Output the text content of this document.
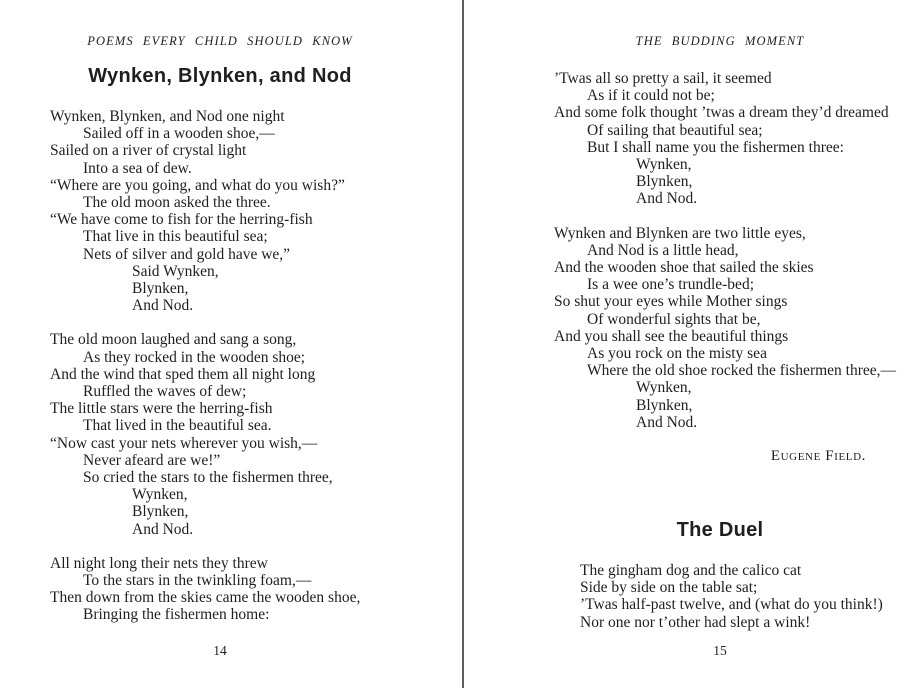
POEMS EVERY CHILD SHOULD KNOW
Wynken, Blynken, and Nod
Wynken, Blynken, and Nod one night
Sailed off in a wooden shoe,—
Sailed on a river of crystal light
Into a sea of dew.
“Where are you going, and what do you wish?”
The old moon asked the three.
“We have come to fish for the herring-fish
That live in this beautiful sea;
Nets of silver and gold have we,”
Said Wynken,
Blynken,
And Nod.
The old moon laughed and sang a song,
As they rocked in the wooden shoe;
And the wind that sped them all night long
Ruffled the waves of dew;
The little stars were the herring-fish
That lived in the beautiful sea.
“Now cast your nets wherever you wish,—
Never afeard are we!”
So cried the stars to the fishermen three,
Wynken,
Blynken,
And Nod.
All night long their nets they threw
To the stars in the twinkling foam,—
Then down from the skies came the wooden shoe,
Bringing the fishermen home:
14
THE BUDDING MOMENT
’Twas all so pretty a sail, it seemed
As if it could not be;
And some folk thought ’twas a dream they’d dreamed
Of sailing that beautiful sea;
But I shall name you the fishermen three:
Wynken,
Blynken,
And Nod.
Wynken and Blynken are two little eyes,
And Nod is a little head,
And the wooden shoe that sailed the skies
Is a wee one’s trundle-bed;
So shut your eyes while Mother sings
Of wonderful sights that be,
And you shall see the beautiful things
As you rock on the misty sea
Where the old shoe rocked the fishermen three,—
Wynken,
Blynken,
And Nod.
Eugene Field.
The Duel
The gingham dog and the calico cat
Side by side on the table sat;
’Twas half-past twelve, and (what do you think!)
Nor one nor t’other had slept a wink!
15
